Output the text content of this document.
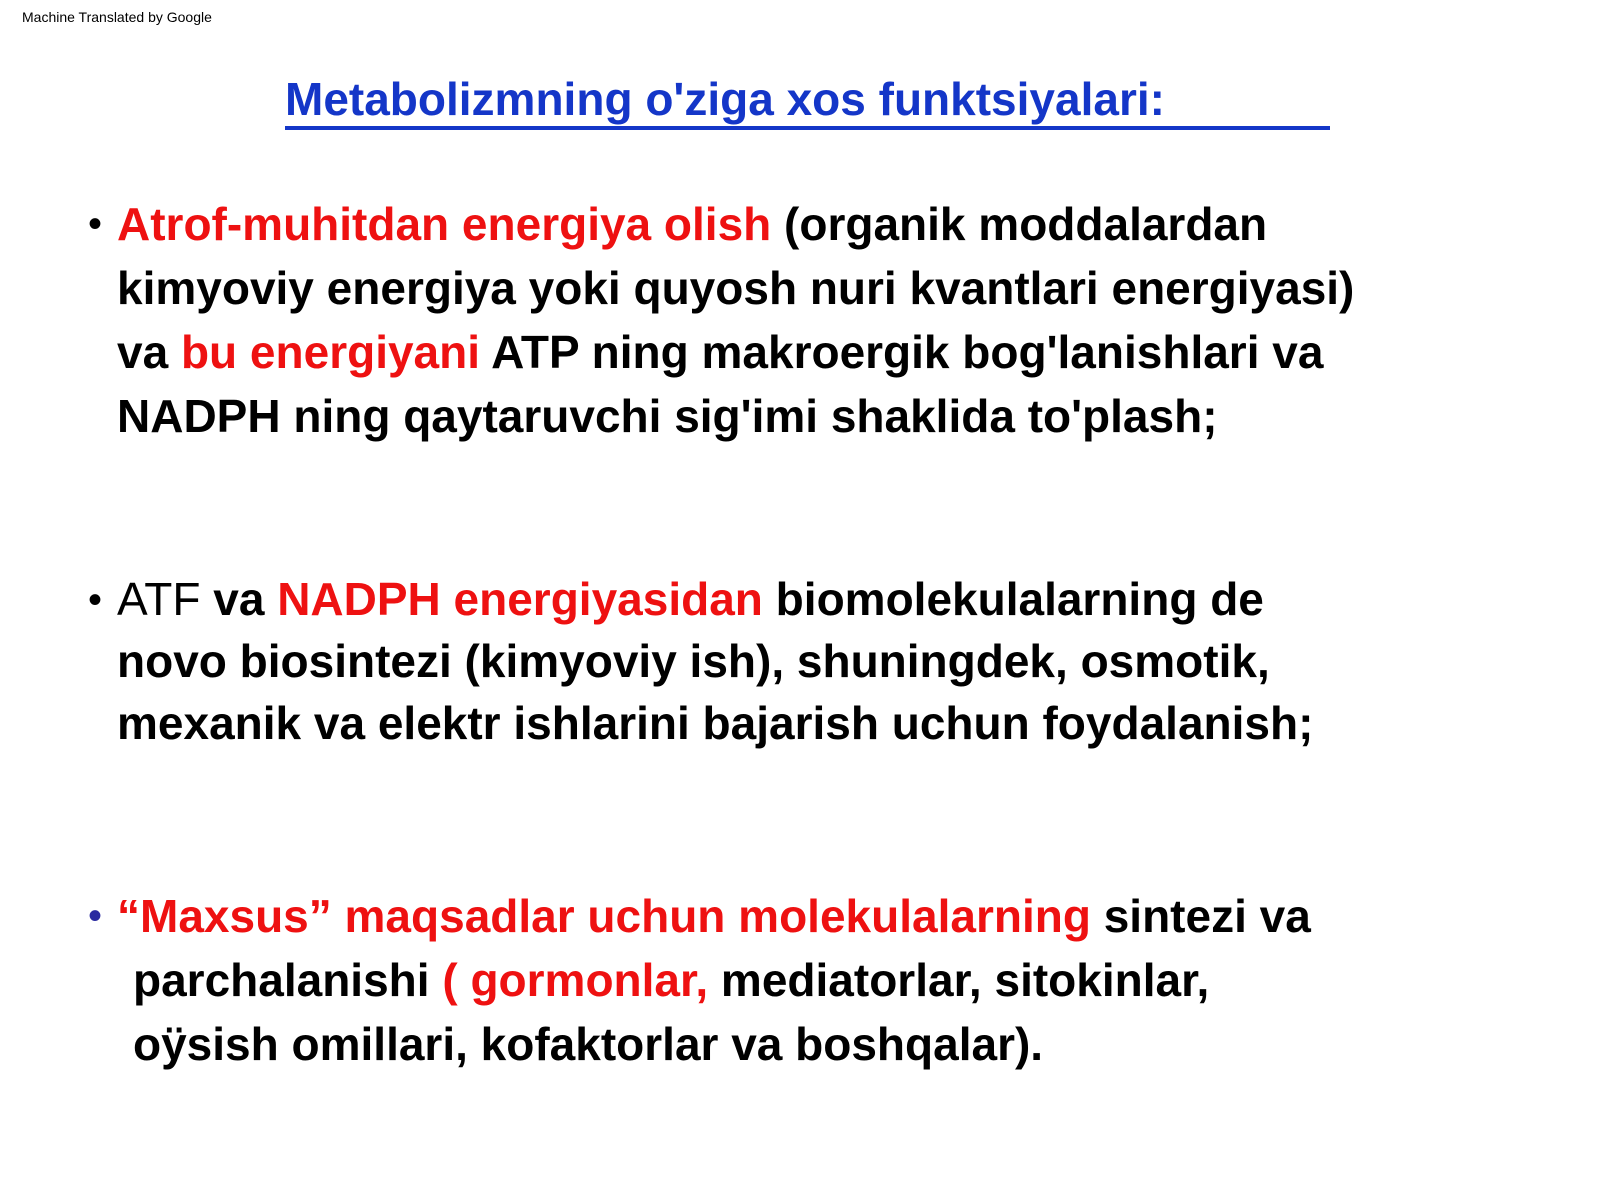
Machine Translated by Google
Metabolizmning o'ziga xos funktsiyalari:
• Atrof-muhitdan energiya olish (organik moddalardan
kimyoviy energiya yoki quyosh nuri kvantlari energiyasi)
va bu energiyani ATP ning makroergik bog'lanishlari va
NADPH ning qaytaruvchi sig'imi shaklida to'plash;
• ATF va NADPH energiyasidan biomolekulalarning de
novo biosintezi (kimyoviy ish), shuningdek, osmotik,
mexanik va elektr ishlarini bajarish uchun foydalanish;
• “Maxsus” maqsadlar uchun molekulalarning sintezi va
parchalanishi ( gormonlar, mediatorlar, sitokinlar,
oÿsish omillari, kofaktorlar va boshqalar).
